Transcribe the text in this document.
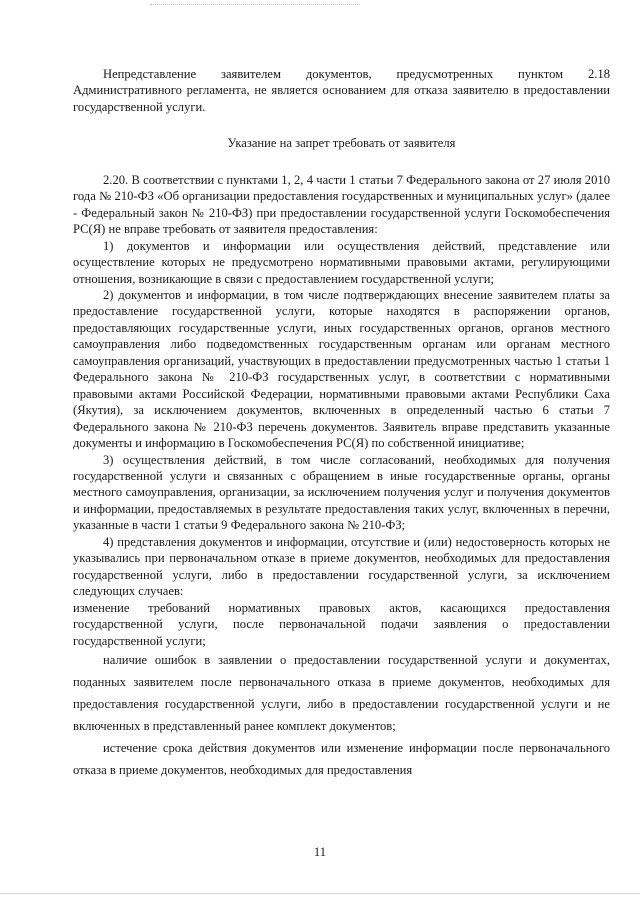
Непредставление заявителем документов, предусмотренных пунктом 2.18 Административного регламента, не является основанием для отказа заявителю в предоставлении государственной услуги.

Указание на запрет требовать от заявителя

2.20. В соответствии с пунктами 1, 2, 4 части 1 статьи 7 Федерального закона от 27 июля 2010 года № 210-ФЗ «Об организации предоставления государственных и муниципальных услуг» (далее - Федеральный закон № 210-ФЗ) при предоставлении государственной услуги Госкомобеспечения РС(Я) не вправе требовать от заявителя предоставления:

1) документов и информации или осуществления действий, представление или осуществление которых не предусмотрено нормативными правовыми актами, регулирующими отношения, возникающие в связи с предоставлением государственной услуги;

2) документов и информации, в том числе подтверждающих внесение заявителем платы за предоставление государственной услуги, которые находятся в распоряжении органов, предоставляющих государственные услуги, иных государственных органов, органов местного самоуправления либо подведомственных государственным органам или органам местного самоуправления организаций, участвующих в предоставлении предусмотренных частью 1 статьи 1 Федерального закона № 210-ФЗ государственных услуг, в соответствии с нормативными правовыми актами Российской Федерации, нормативными правовыми актами Республики Саха (Якутия), за исключением документов, включенных в определенный частью 6 статьи 7 Федерального закона № 210-ФЗ перечень документов. Заявитель вправе представить указанные документы и информацию в Госкомобеспечения РС(Я) по собственной инициативе;

3) осуществления действий, в том числе согласований, необходимых для получения государственной услуги и связанных с обращением в иные государственные органы, органы местного самоуправления, организации, за исключением получения услуг и получения документов и информации, предоставляемых в результате предоставления таких услуг, включенных в перечни, указанные в части 1 статьи 9 Федерального закона № 210-ФЗ;

4) представления документов и информации, отсутствие и (или) недостоверность которых не указывались при первоначальном отказе в приеме документов, необходимых для предоставления государственной услуги, либо в предоставлении государственной услуги, за исключением следующих случаев:

изменение требований нормативных правовых актов, касающихся предоставления государственной услуги, после первоначальной подачи заявления о предоставлении государственной услуги;

наличие ошибок в заявлении о предоставлении государственной услуги и документах, поданных заявителем после первоначального отказа в приеме документов, необходимых для предоставления государственной услуги, либо в предоставлении государственной услуги и не включенных в представленный ранее комплект документов;

истечение срока действия документов или изменение информации после первоначального отказа в приеме документов, необходимых для предоставления

11
